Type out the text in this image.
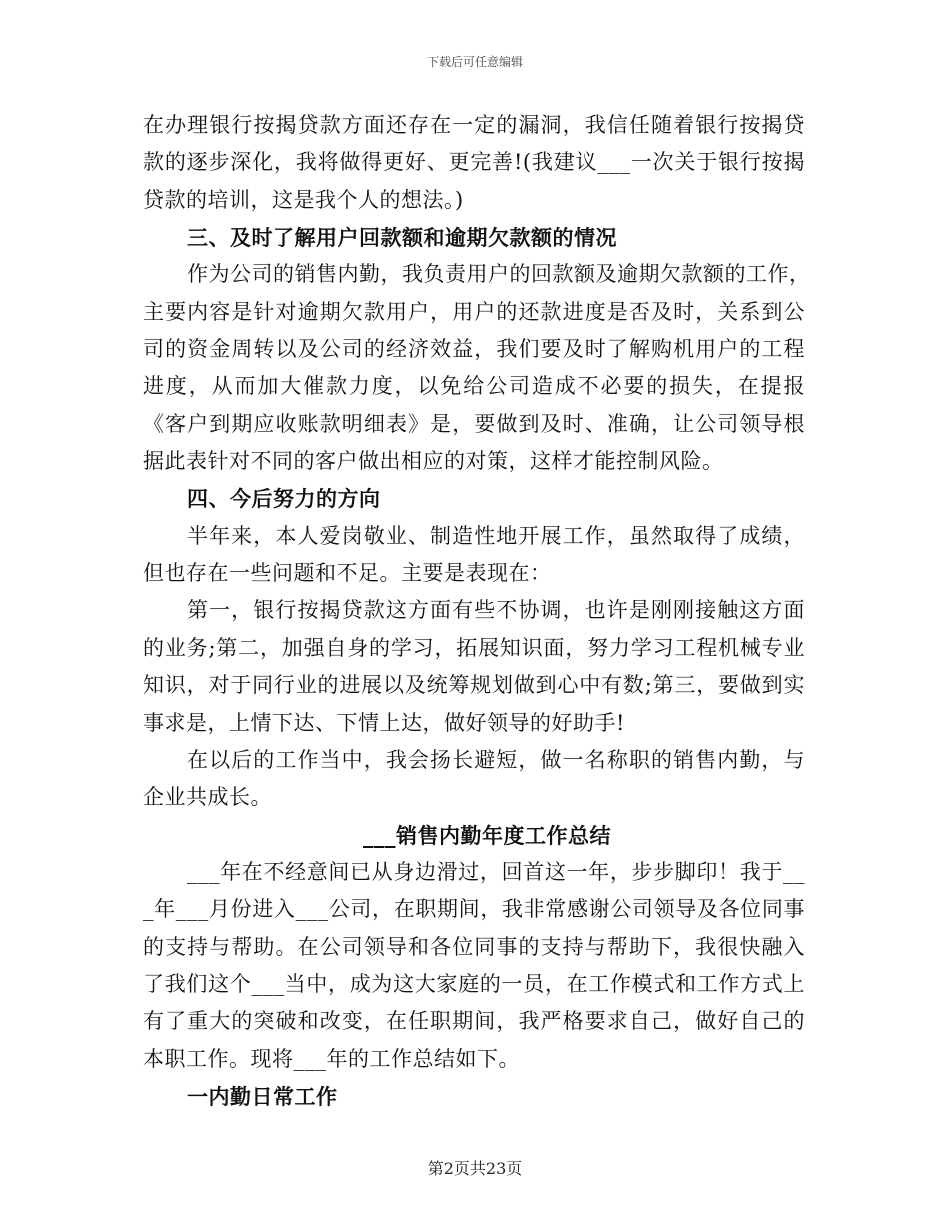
下载后可任意编辑
在办理银行按揭贷款方面还存在一定的漏洞，我信任随着银行按揭贷
款的逐步深化，我将做得更好、更完善!(我建议___一次关于银行按揭
贷款的培训，这是我个人的想法。)
三、及时了解用户回款额和逾期欠款额的情况
作为公司的销售内勤，我负责用户的回款额及逾期欠款额的工作，
主要内容是针对逾期欠款用户，用户的还款进度是否及时，关系到公
司的资金周转以及公司的经济效益，我们要及时了解购机用户的工程
进度，从而加大催款力度，以免给公司造成不必要的损失，在提报
《客户到期应收账款明细表》是，要做到及时、准确，让公司领导根
据此表针对不同的客户做出相应的对策，这样才能控制风险。
四、今后努力的方向
半年来，本人爱岗敬业、制造性地开展工作，虽然取得了成绩，
但也存在一些问题和不足。主要是表现在：
第一，银行按揭贷款这方面有些不协调，也许是刚刚接触这方面
的业务;第二，加强自身的学习，拓展知识面，努力学习工程机械专业
知识，对于同行业的进展以及统筹规划做到心中有数;第三，要做到实
事求是，上情下达、下情上达，做好领导的好助手!
在以后的工作当中，我会扬长避短，做一名称职的销售内勤，与
企业共成长。
___销售内勤年度工作总结
___年在不经意间已从身边滑过，回首这一年，步步脚印！我于__
_年___月份进入___公司，在职期间，我非常感谢公司领导及各位同事
的支持与帮助。在公司领导和各位同事的支持与帮助下，我很快融入
了我们这个___当中，成为这大家庭的一员，在工作模式和工作方式上
有了重大的突破和改变，在任职期间，我严格要求自己，做好自己的
本职工作。现将___年的工作总结如下。
一内勤日常工作
第2页共23页
